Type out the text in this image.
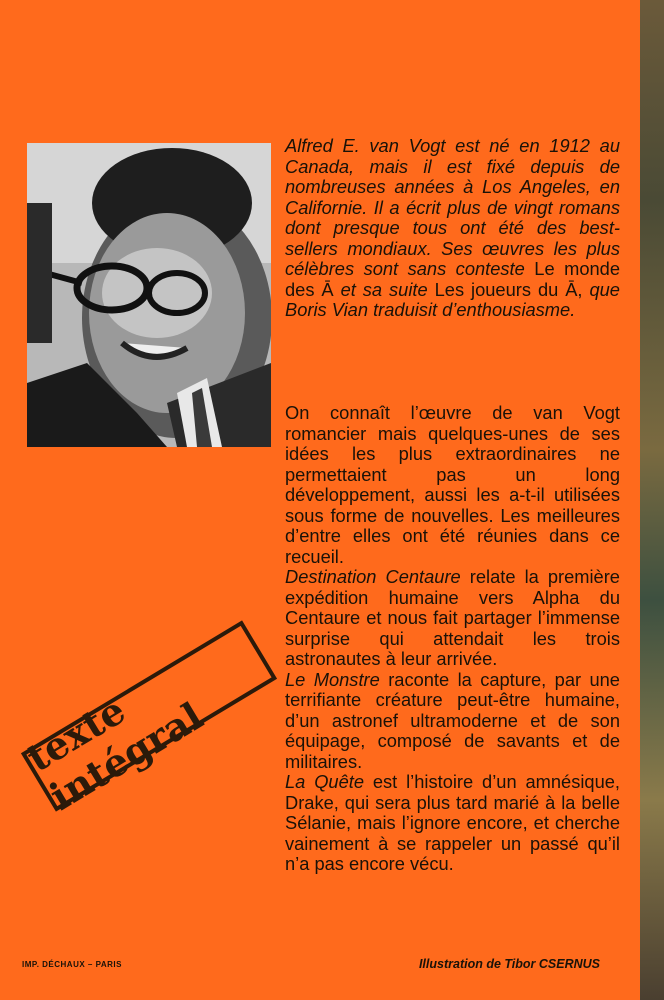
Alfred E. van Vogt est né en 1912 au Canada, mais il est fixé depuis de nombreuses années à Los Angeles, en Californie. Il a écrit plus de vingt romans dont presque tous ont été des best-sellers mondiaux. Ses œuvres les plus célèbres sont sans conteste Le monde des Ā et sa suite Les joueurs du Ā, que Boris Vian traduisit d’enthousiasme.

On connaît l’œuvre de van Vogt romancier mais quelques-unes de ses idées les plus extraordinaires ne permettaient pas un long développement, aussi les a-t-il utilisées sous forme de nouvelles. Les meilleures d’entre elles ont été réunies dans ce recueil.

Destination Centaure relate la première expédition humaine vers Alpha du Centaure et nous fait partager l’immense surprise qui attendait les trois astronautes à leur arrivée.

Le Monstre raconte la capture, par une terrifiante créature peut-être humaine, d’un astronef ultramoderne et de son équipage, composé de savants et de militaires.

La Quête est l’histoire d’un amnésique, Drake, qui sera plus tard marié à la belle Sélanie, mais l’ignore encore, et cherche vainement à se rappeler un passé qu’il n’a pas encore vécu.

texte intégral
IMP. DÉCHAUX – PARIS	Illustration de Tibor CSERNUS
